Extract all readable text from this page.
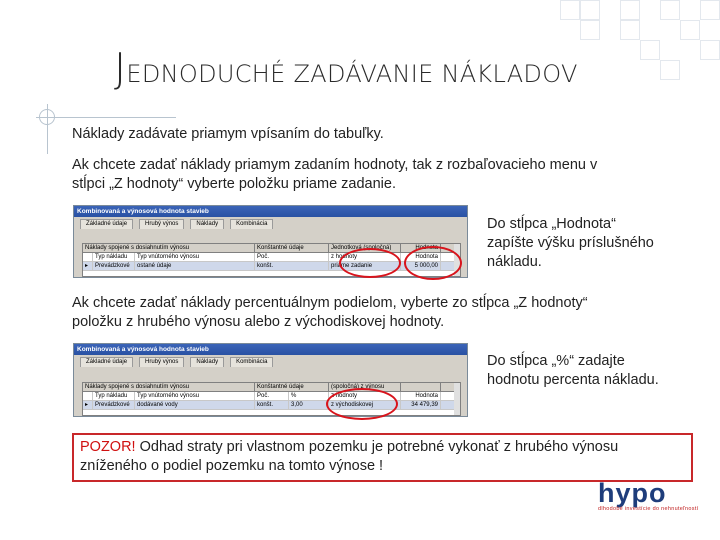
JEDNODUCHÉ ZADÁVANIE NÁKLADOV
Náklady zadávate priamym vpísaním do tabuľky.
Ak chcete zadať náklady priamym zadaním hodnoty, tak z rozbaľovacieho menu v
stĺpci „Z hodnoty“ vyberte položku priame zadanie.
Kombinovaná a výnosová hodnota stavieb
Základné údaje	Hrubý výnos	Náklady	Kombinácia
Náklady spojené s dosiahnutím výnosu	Konštantné údaje	Jednotková (spoločná)	Hodnota
Typ nákladu	Typ vnútorného výnosu	Poč.	z hodnoty	Hodnota
▸	Prevádzkové	ostané údaje	konšt.	priame zadanie	5 000,00
Do stĺpca „Hodnota“
zapíšte výšku príslušného
nákladu.
Ak chcete zadať náklady percentuálnym podielom, vyberte zo stĺpca „Z hodnoty“
položku z hrubého výnosu alebo z východiskovej hodnoty.
Kombinovaná a výnosová hodnota stavieb
Základné údaje	Hrubý výnos	Náklady	Kombinácia
Náklady spojené s dosiahnutím výnosu	Konštantné údaje	(spoločná) z výnosu
Typ nákladu	Typ vnútorného výnosu	Poč.	%	z hodnoty	Hodnota
▸	Prevádzkové	dodávané vody	konšt.	3,00	z východiskovej	34 479,39
Do stĺpca „%“ zadajte
hodnotu percenta nákladu.
POZOR! Odhad straty pri vlastnom pozemku je potrebné vykonať z hrubého výnosu
zníženého o podiel pozemku na tomto výnose !
hypo
dlhodobé investície do nehnuteľností
